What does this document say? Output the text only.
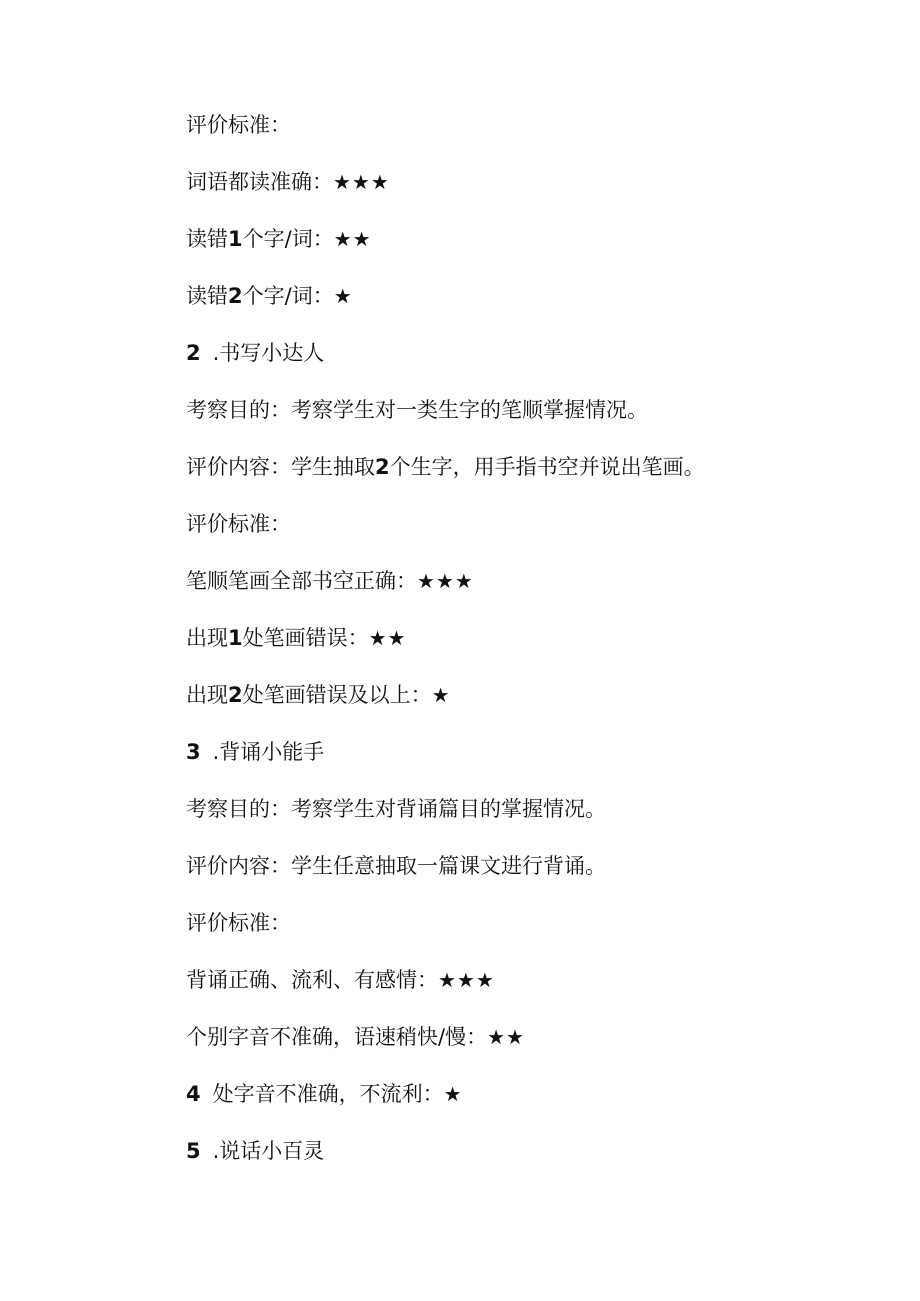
评价标准：
词语都读准确：★★★
读错1个字/词：★★
读错2个字/词：★
2 .书写小达人
考察目的：考察学生对一类生字的笔顺掌握情况。
评价内容：学生抽取2个生字，用手指书空并说出笔画。
评价标准：
笔顺笔画全部书空正确：★★★
出现1处笔画错误：★★
出现2处笔画错误及以上：★
3 .背诵小能手
考察目的：考察学生对背诵篇目的掌握情况。
评价内容：学生任意抽取一篇课文进行背诵。
评价标准：
背诵正确、流利、有感情：★★★
个别字音不准确，语速稍快/慢：★★
4 处字音不准确，不流利：★
5 .说话小百灵
